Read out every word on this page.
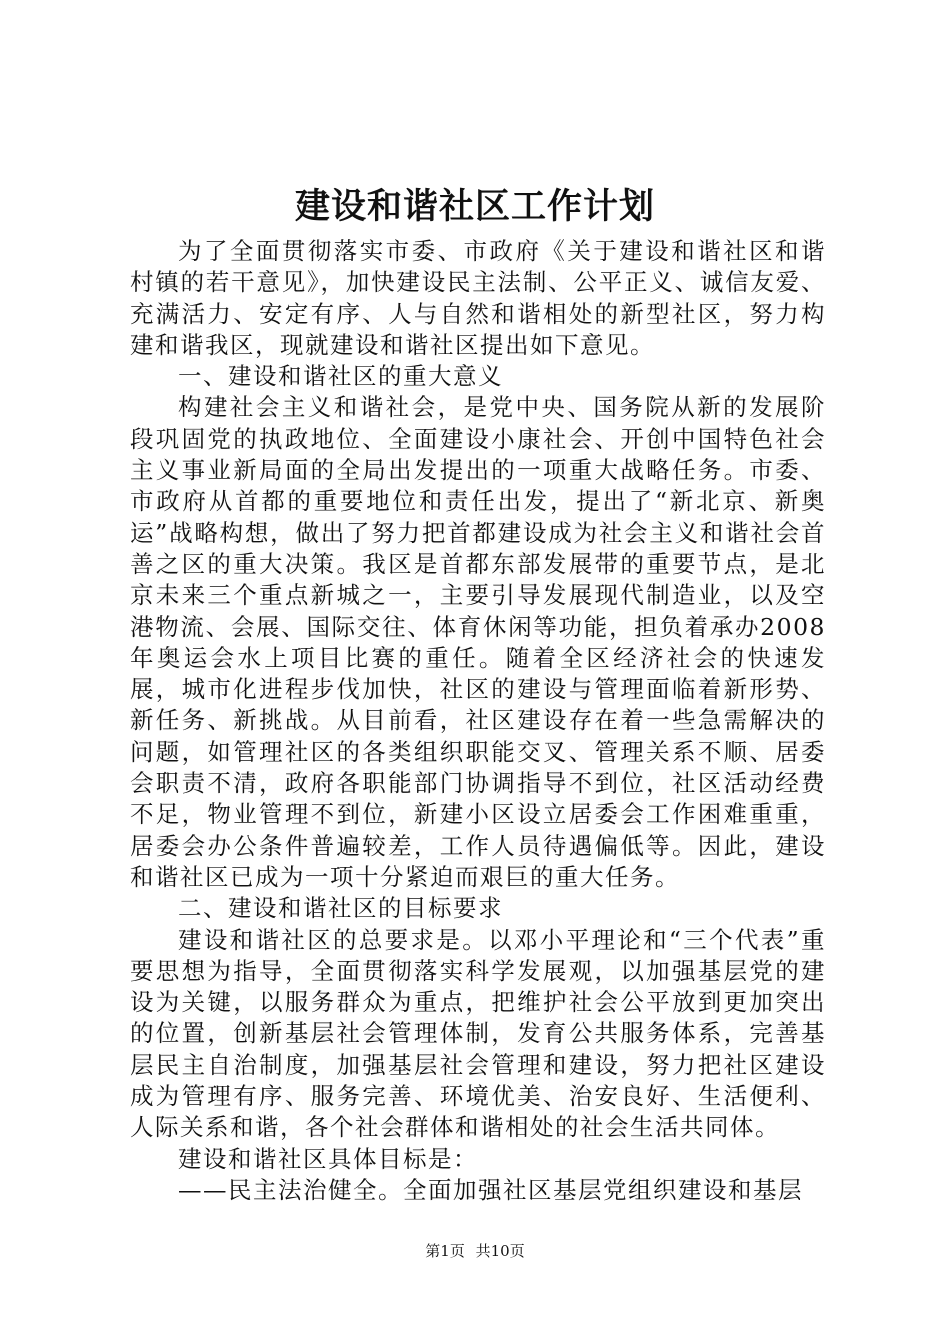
建设和谐社区工作计划

为了全面贯彻落实市委、市政府《关于建设和谐社区和谐村镇的若干意见》，加快建设民主法制、公平正义、诚信友爱、充满活力、安定有序、人与自然和谐相处的新型社区，努力构建和谐我区，现就建设和谐社区提出如下意见。

一、建设和谐社区的重大意义

构建社会主义和谐社会，是党中央、国务院从新的发展阶段巩固党的执政地位、全面建设小康社会、开创中国特色社会主义事业新局面的全局出发提出的一项重大战略任务。市委、市政府从首都的重要地位和责任出发，提出了“新北京、新奥运”战略构想，做出了努力把首都建设成为社会主义和谐社会首善之区的重大决策。我区是首都东部发展带的重要节点，是北京未来三个重点新城之一，主要引导发展现代制造业，以及空港物流、会展、国际交往、体育休闲等功能，担负着承办2008年奥运会水上项目比赛的重任。随着全区经济社会的快速发展，城市化进程步伐加快，社区的建设与管理面临着新形势、新任务、新挑战。从目前看，社区建设存在着一些急需解决的问题，如管理社区的各类组织职能交叉、管理关系不顺、居委会职责不清，政府各职能部门协调指导不到位，社区活动经费不足，物业管理不到位，新建小区设立居委会工作困难重重，居委会办公条件普遍较差，工作人员待遇偏低等。因此，建设和谐社区已成为一项十分紧迫而艰巨的重大任务。

二、建设和谐社区的目标要求

建设和谐社区的总要求是。以邓小平理论和“三个代表”重要思想为指导，全面贯彻落实科学发展观，以加强基层党的建设为关键，以服务群众为重点，把维护社会公平放到更加突出的位置，创新基层社会管理体制，发育公共服务体系，完善基层民主自治制度，加强基层社会管理和建设，努力把社区建设成为管理有序、服务完善、环境优美、治安良好、生活便利、人际关系和谐，各个社会群体和谐相处的社会生活共同体。

建设和谐社区具体目标是：

——民主法治健全。全面加强社区基层党组织建设和基层

第1页 共10页
